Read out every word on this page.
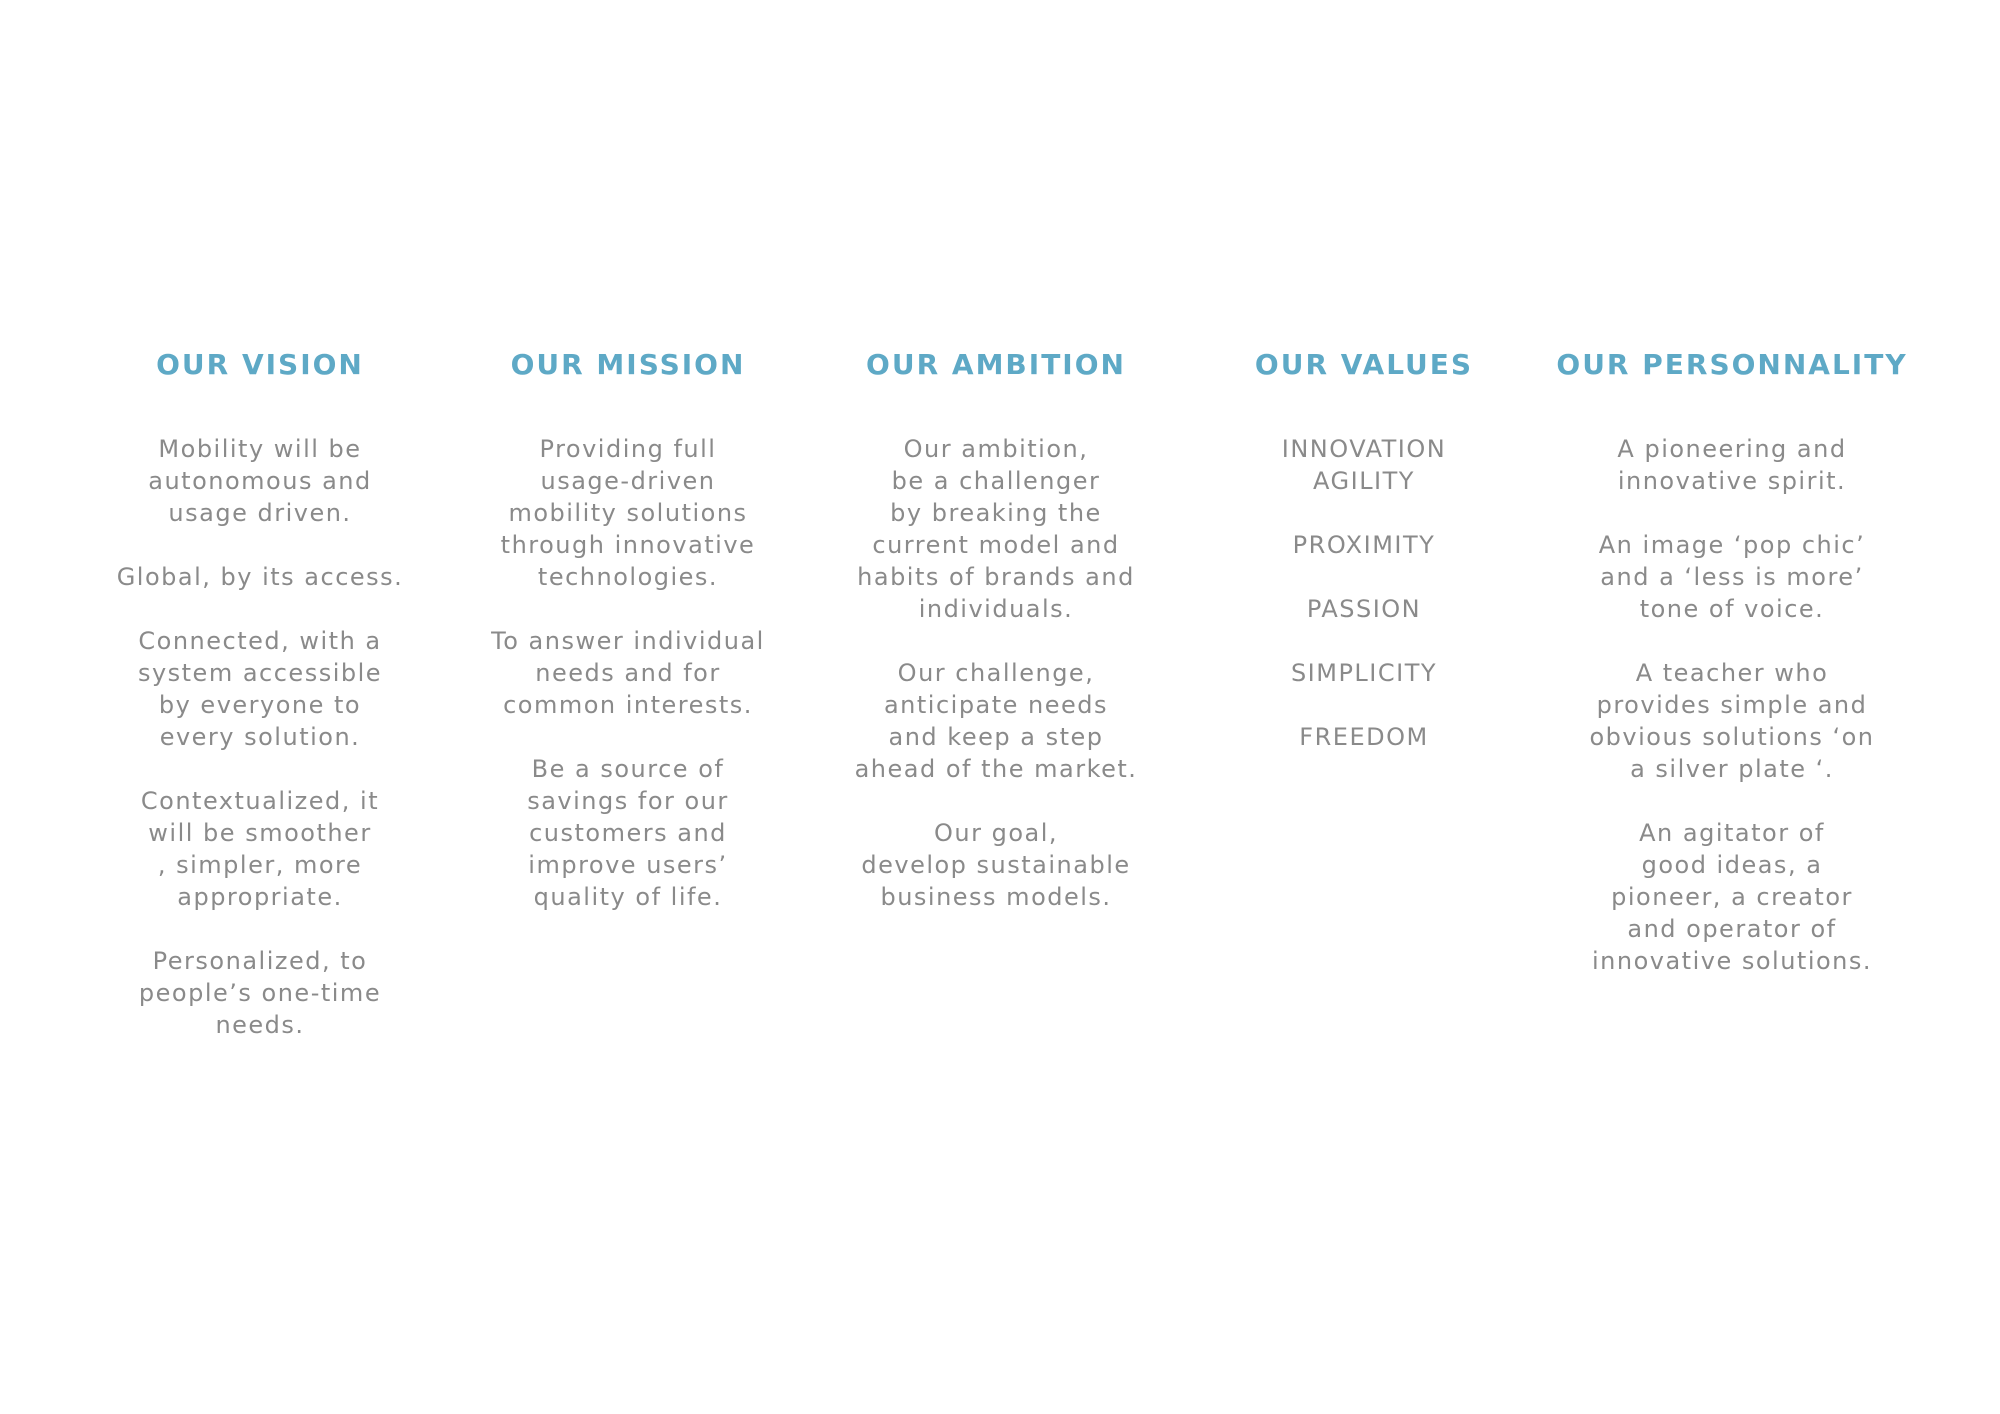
OUR VISION

Mobility will be
autonomous and
usage driven.

Global, by its access.

Connected, with a
system accessible
by everyone to
every solution.

Contextualized, it
will be smoother
, simpler, more
appropriate.

Personalized, to
people’s one-time
needs.

OUR MISSION

Providing full
usage-driven
mobility solutions
through innovative
technologies.

To answer individual
needs and for
common interests.

Be a source of
savings for our
customers and
improve users’
quality of life.

OUR AMBITION

Our ambition,
be a challenger
by breaking the
current model and
habits of brands and
individuals.

Our challenge,
anticipate needs
and keep a step
ahead of the market.

Our goal,
develop sustainable
business models.

OUR VALUES

INNOVATION
AGILITY

PROXIMITY

PASSION

SIMPLICITY

FREEDOM

OUR PERSONNALITY

A pioneering and
innovative spirit.

An image ‘pop chic’
and a ‘less is more’
tone of voice.

A teacher who
provides simple and
obvious solutions ‘on
a silver plate ‘.

An agitator of
good ideas, a
pioneer, a creator
and operator of
innovative solutions.
